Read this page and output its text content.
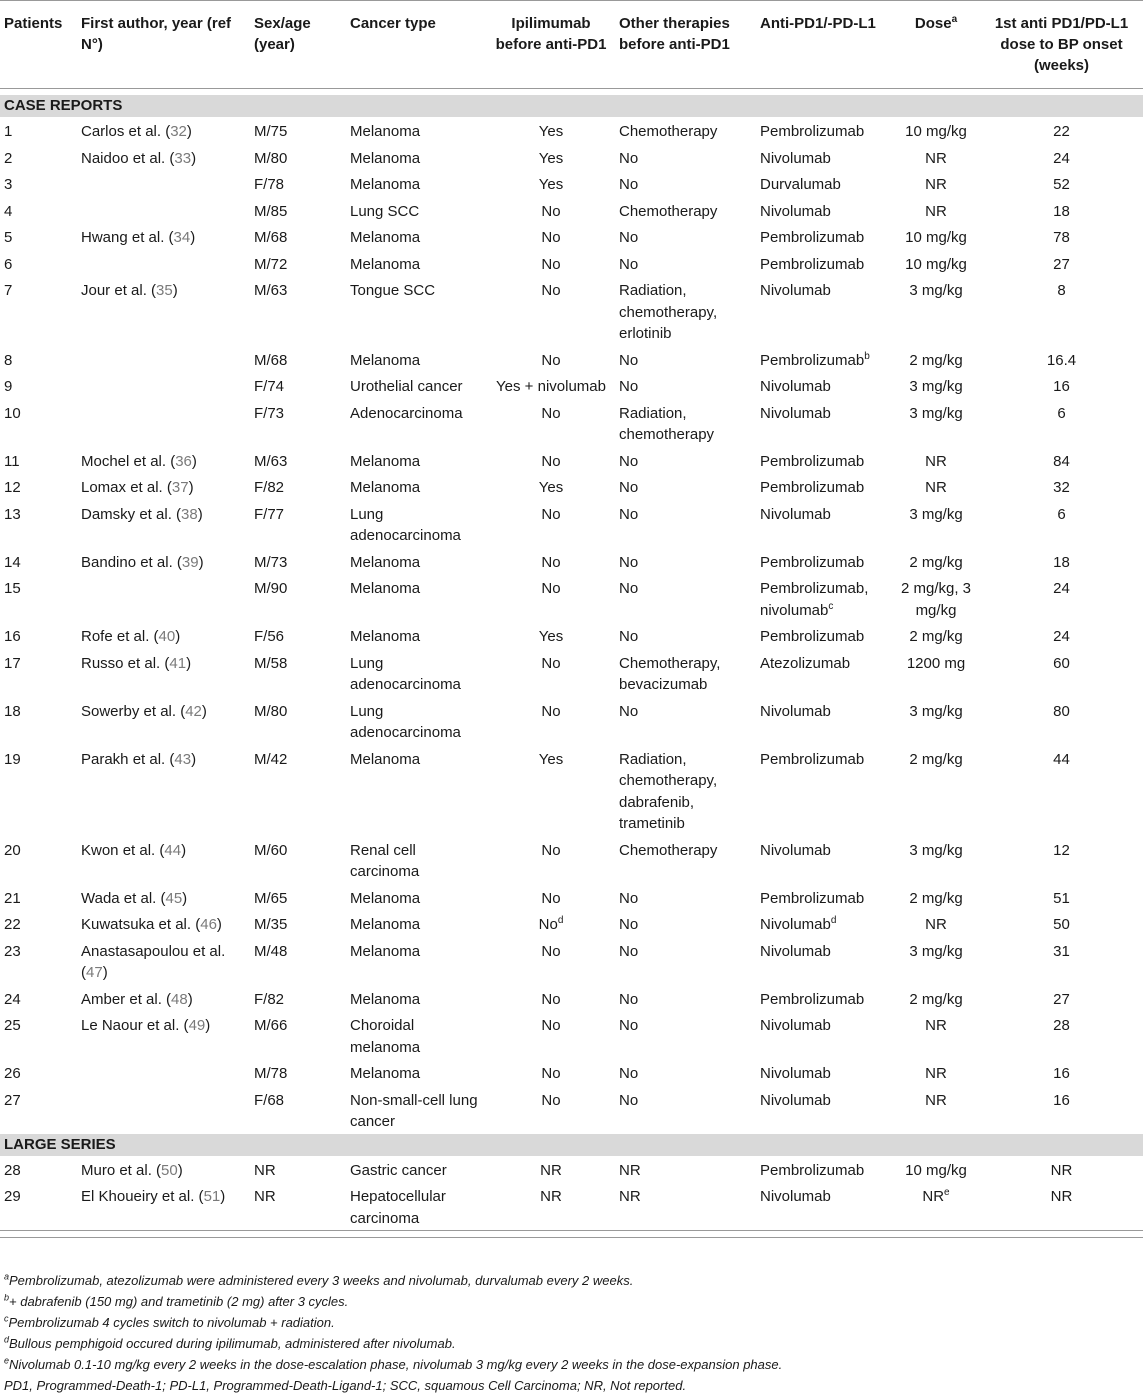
Patients	First author, year (ref N°)	Sex/age (year)	Cancer type	Ipilimumab before anti-PD1	Other therapies before anti-PD1	Anti-PD1/-PD-L1	Dose$^a$	1st anti PD1/PD-L1 dose to BP onset (weeks)

CASE REPORTS								
1	Carlos et al. (32)	M/75	Melanoma	Yes	Chemotherapy	Pembrolizumab	10 mg/kg	22
2	Naidoo et al. (33)	M/80	Melanoma	Yes	No	Nivolumab	NR	24
3		F/78	Melanoma	Yes	No	Durvalumab	NR	52
4		M/85	Lung SCC	No	Chemotherapy	Nivolumab	NR	18
5	Hwang et al. (34)	M/68	Melanoma	No	No	Pembrolizumab	10 mg/kg	78
6		M/72	Melanoma	No	No	Pembrolizumab	10 mg/kg	27
7	Jour et al. (35)	M/63	Tongue SCC	No	Radiation, chemotherapy, erlotinib	Nivolumab	3 mg/kg	8
8		M/68	Melanoma	No	No	Pembrolizumab$^b$	2 mg/kg	16.4
9		F/74	Urothelial cancer	Yes + nivolumab	No	Nivolumab	3 mg/kg	16
10		F/73	Adenocarcinoma	No	Radiation, chemotherapy	Nivolumab	3 mg/kg	6
11	Mochel et al. (36)	M/63	Melanoma	No	No	Pembrolizumab	NR	84
12	Lomax et al. (37)	F/82	Melanoma	Yes	No	Pembrolizumab	NR	32
13	Damsky et al. (38)	F/77	Lung adenocarcinoma	No	No	Nivolumab	3 mg/kg	6
14	Bandino et al. (39)	M/73	Melanoma	No	No	Pembrolizumab	2 mg/kg	18
15		M/90	Melanoma	No	No	Pembrolizumab, nivolumab$^c$	2 mg/kg, 3 mg/kg	24
16	Rofe et al. (40)	F/56	Melanoma	Yes	No	Pembrolizumab	2 mg/kg	24
17	Russo et al. (41)	M/58	Lung adenocarcinoma	No	Chemotherapy, bevacizumab	Atezolizumab	1200 mg	60
18	Sowerby et al. (42)	M/80	Lung adenocarcinoma	No	No	Nivolumab	3 mg/kg	80
19	Parakh et al. (43)	M/42	Melanoma	Yes	Radiation, chemotherapy, dabrafenib, trametinib	Pembrolizumab	2 mg/kg	44
20	Kwon et al. (44)	M/60	Renal cell carcinoma	No	Chemotherapy	Nivolumab	3 mg/kg	12
21	Wada et al. (45)	M/65	Melanoma	No	No	Pembrolizumab	2 mg/kg	51
22	Kuwatsuka et al. (46)	M/35	Melanoma	No$^d$	No	Nivolumab$^d$	NR	50
23	Anastasapoulou et al. (47)	M/48	Melanoma	No	No	Nivolumab	3 mg/kg	31
24	Amber et al. (48)	F/82	Melanoma	No	No	Pembrolizumab	2 mg/kg	27
25	Le Naour et al. (49)	M/66	Choroidal melanoma	No	No	Nivolumab	NR	28
26		M/78	Melanoma	No	No	Nivolumab	NR	16
27		F/68	Non-small-cell lung cancer	No	No	Nivolumab	NR	16
LARGE SERIES								
28	Muro et al. (50)	NR	Gastric cancer	NR	NR	Pembrolizumab	10 mg/kg	NR
29	El Khoueiry et al. (51)	NR	Hepatocellular carcinoma	NR	NR	Nivolumab	$NR^e$	NR

$^a$Pembrolizumab, atezolizumab were administered every 3 weeks and nivolumab, durvalumab every 2 weeks.
$^b$+ dabrafenib (150 mg) and trametinib (2 mg) after 3 cycles.
$^c$Pembrolizumab 4 cycles switch to nivolumab + radiation.
$^d$Bullous pemphigoid occured during ipilimumab, administered after nivolumab.
$^e$Nivolumab 0.1-10 mg/kg every 2 weeks in the dose-escalation phase, nivolumab 3 mg/kg every 2 weeks in the dose-expansion phase.
PD1, Programmed-Death-1; PD-L1, Programmed-Death-Ligand-1; SCC, squamous Cell Carcinoma; NR, Not reported.
